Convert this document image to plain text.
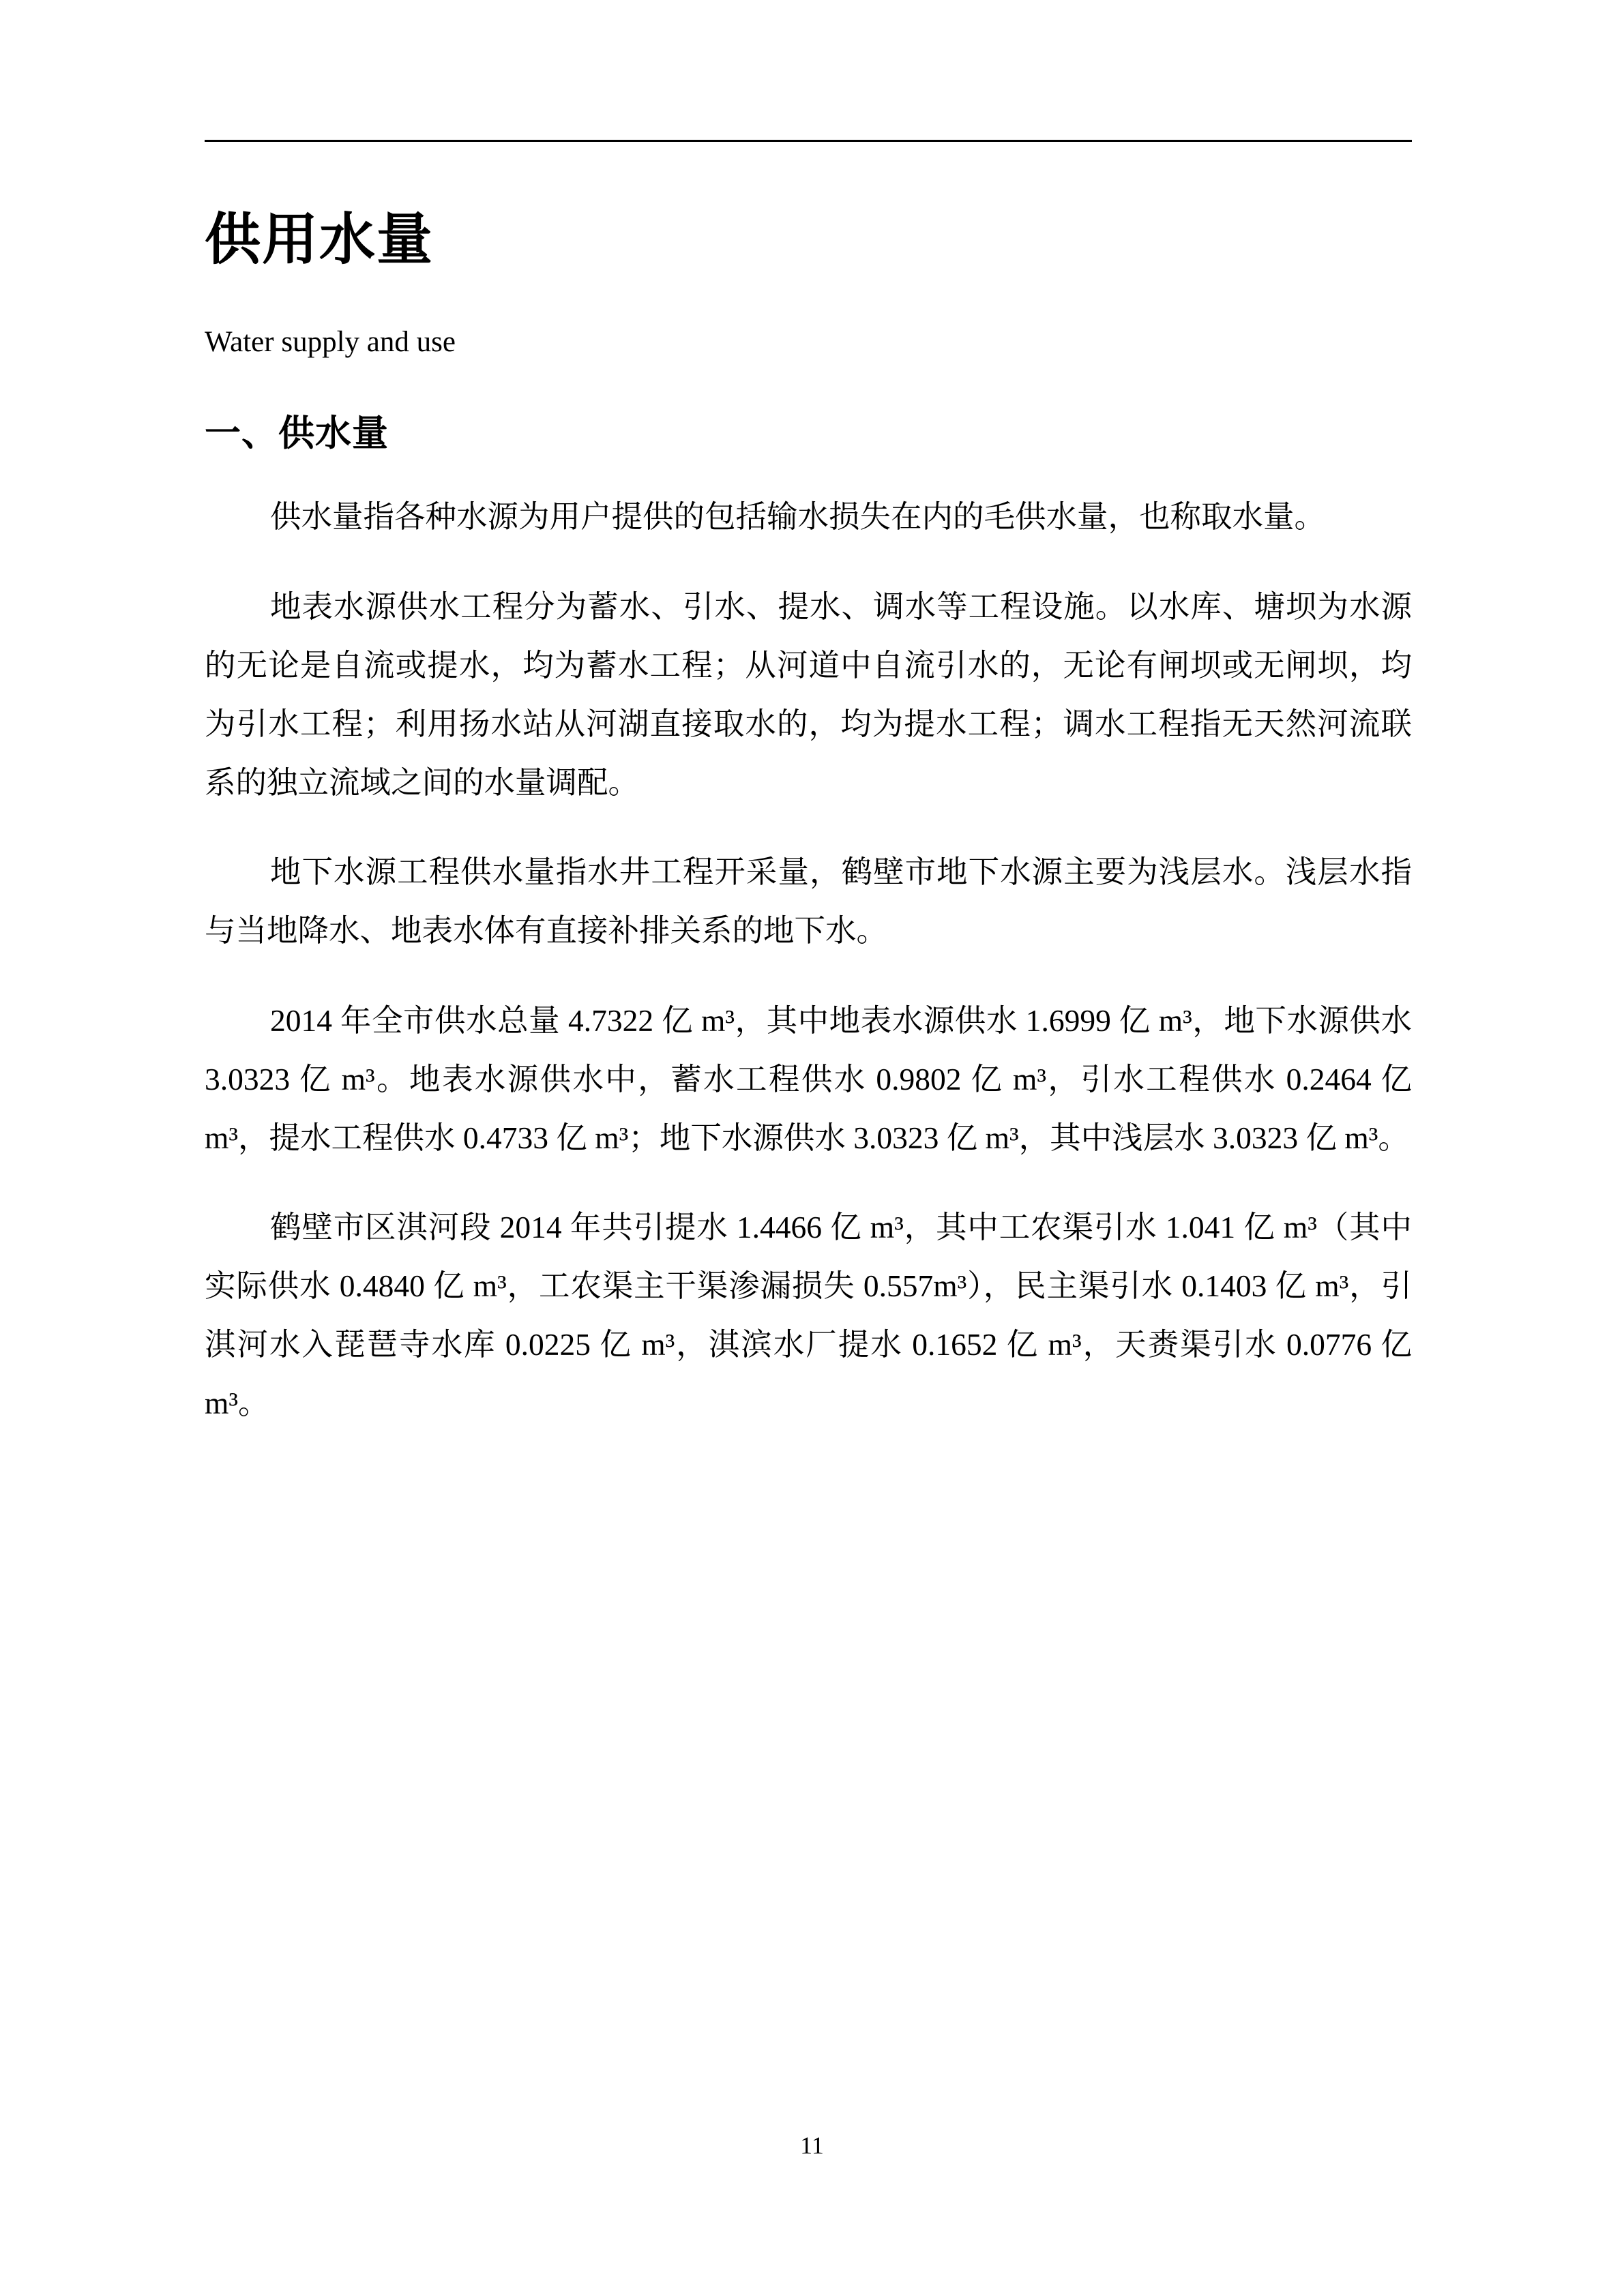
供用水量
Water supply and use
一、供水量

供水量指各种水源为用户提供的包括输水损失在内的毛供水量，也称取水量。

地表水源供水工程分为蓄水、引水、提水、调水等工程设施。以水库、塘坝为水源的无论是自流或提水，均为蓄水工程；从河道中自流引水的，无论有闸坝或无闸坝，均为引水工程；利用扬水站从河湖直接取水的，均为提水工程；调水工程指无天然河流联系的独立流域之间的水量调配。

地下水源工程供水量指水井工程开采量，鹤壁市地下水源主要为浅层水。浅层水指与当地降水、地表水体有直接补排关系的地下水。

2014 年全市供水总量 4.7322 亿 m³，其中地表水源供水 1.6999 亿 m³，地下水源供水 3.0323 亿 m³。地表水源供水中，蓄水工程供水 0.9802 亿 m³，引水工程供水 0.2464 亿 m³，提水工程供水 0.4733 亿 m³；地下水源供水 3.0323 亿 m³，其中浅层水 3.0323 亿 m³。

鹤壁市区淇河段 2014 年共引提水 1.4466 亿 m³，其中工农渠引水 1.041 亿 m³（其中实际供水 0.4840 亿 m³，工农渠主干渠渗漏损失 0.557m³），民主渠引水 0.1403 亿 m³，引淇河水入琵琶寺水库 0.0225 亿 m³，淇滨水厂提水 0.1652 亿 m³，天赉渠引水 0.0776 亿 m³。

11
